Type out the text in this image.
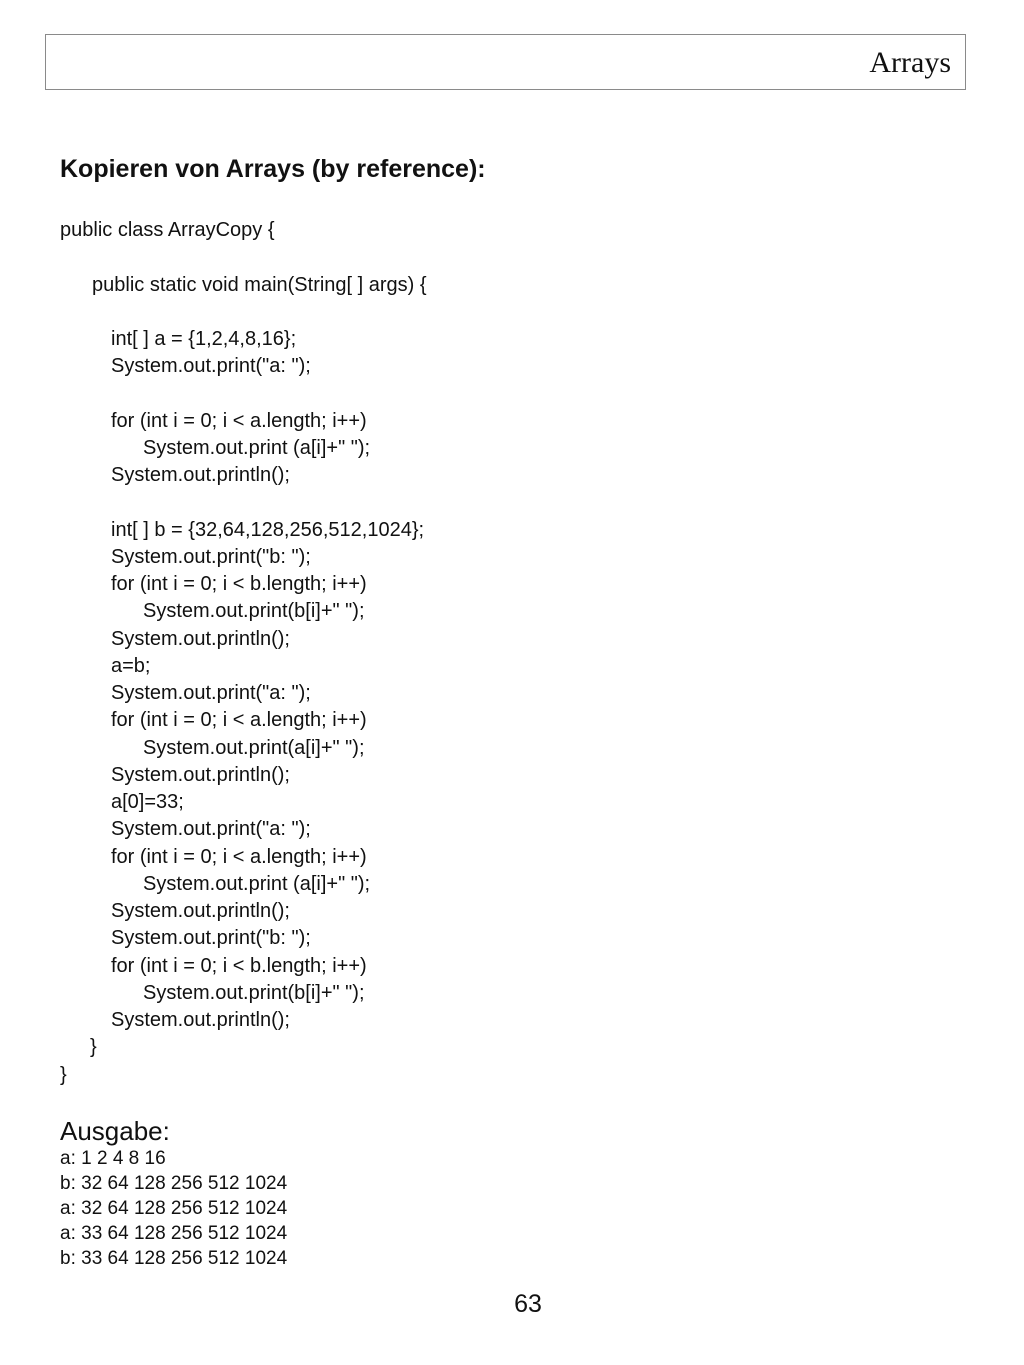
Arrays
Kopieren von Arrays (by reference):
public class ArrayCopy {
public static void main(String[ ] args) {
int[ ] a = {1,2,4,8,16};
System.out.print("a: ");
for (int i = 0; i < a.length; i++)
System.out.print (a[i]+" ");
System.out.println();
int[ ] b = {32,64,128,256,512,1024};
System.out.print("b: ");
for (int i = 0; i < b.length; i++)
System.out.print(b[i]+" ");
System.out.println();
a=b;
System.out.print("a: ");
for (int i = 0; i < a.length; i++)
System.out.print(a[i]+" ");
System.out.println();
a[0]=33;
System.out.print("a: ");
for (int i = 0; i < a.length; i++)
System.out.print (a[i]+" ");
System.out.println();
System.out.print("b: ");
for (int i = 0; i < b.length; i++)
System.out.print(b[i]+" ");
System.out.println();
}
}
Ausgabe:
a: 1 2 4 8 16
b: 32 64 128 256 512 1024
a: 32 64 128 256 512 1024
a: 33 64 128 256 512 1024
b: 33 64 128 256 512 1024
63
